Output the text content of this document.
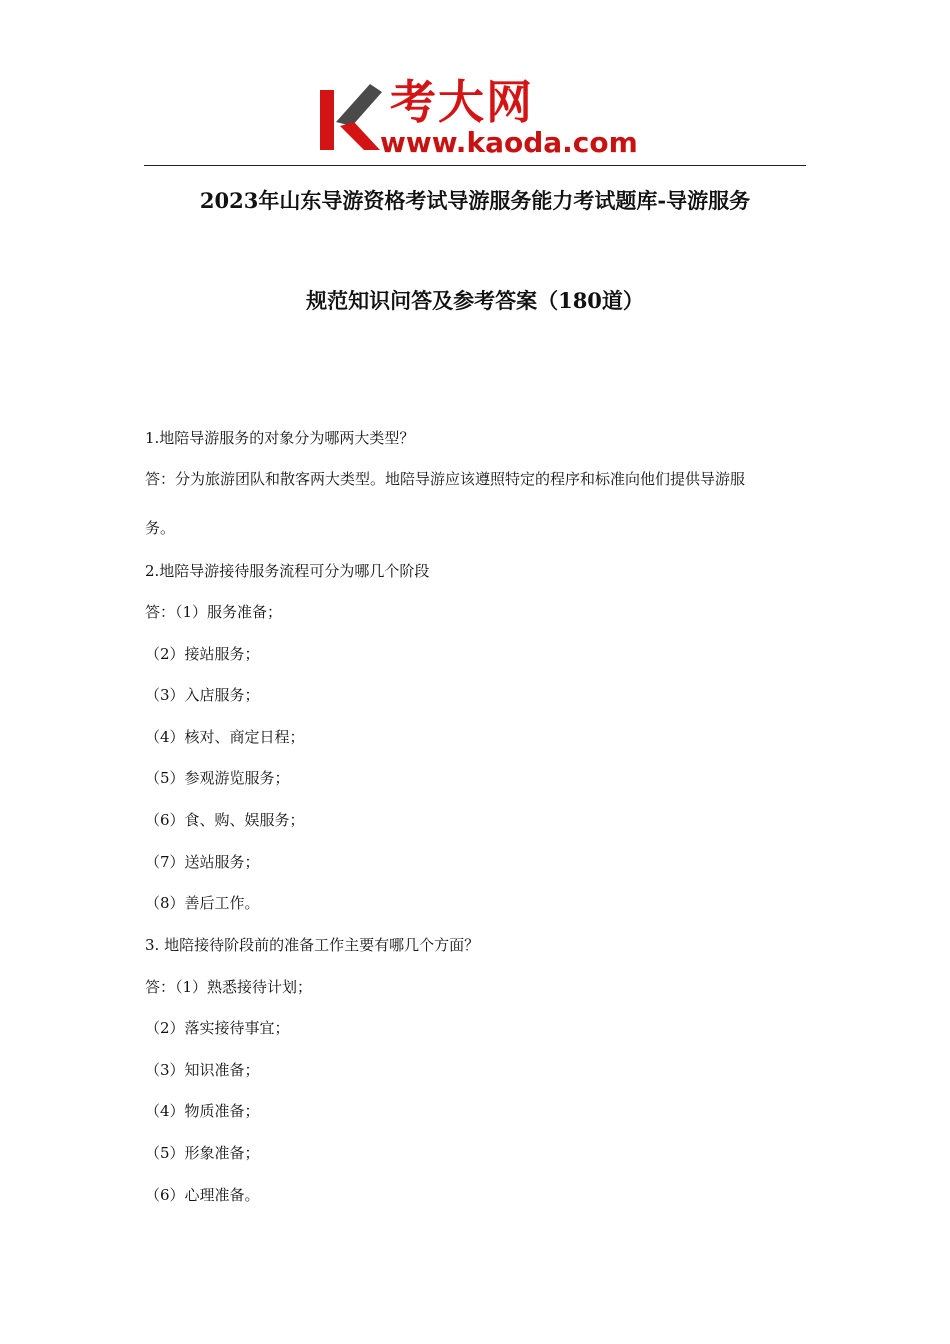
考大网
www.kaoda.com
2023年山东导游资格考试导游服务能力考试题库-导游服务
规范知识问答及参考答案（180道）
1.地陪导游服务的对象分为哪两大类型？
答：分为旅游团队和散客两大类型。地陪导游应该遵照特定的程序和标准向他们提供导游服
务。
2.地陪导游接待服务流程可分为哪几个阶段
答：（1）服务准备；
（2）接站服务；
（3）入店服务；
（4）核对、商定日程；
（5）参观游览服务；
（6）食、购、娱服务；
（7）送站服务；
（8）善后工作。
3. 地陪接待阶段前的准备工作主要有哪几个方面？
答：（1）熟悉接待计划；
（2）落实接待事宜；
（3）知识准备；
（4）物质准备；
（5）形象准备；
（6）心理准备。
